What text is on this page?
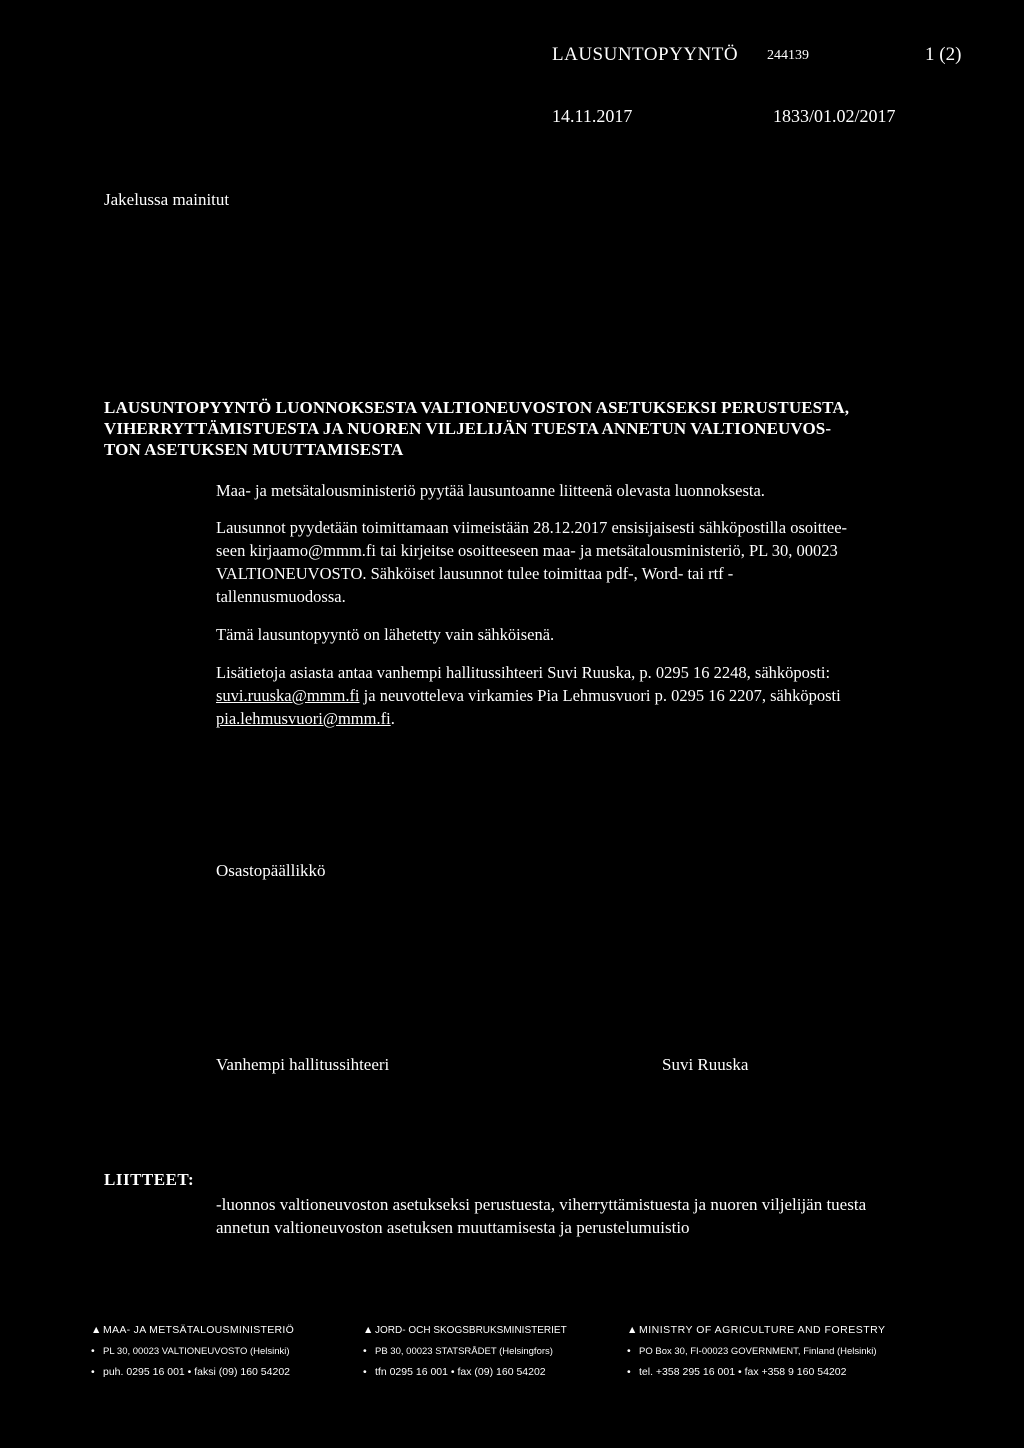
LAUSUNTOPYYNTÖ 244139	1 (2)
14.11.2017	1833/01.02/2017
Jakelussa mainitut
LAUSUNTOPYYNTÖ LUONNOKSESTA VALTIONEUVOSTON ASETUKSEKSI PERUSTUESTA,
VIHERRYTTÄMISTUESTA JA NUOREN VILJELIJÄN TUESTA ANNETUN VALTIONEUVOS-
TON ASETUKSEN MUUTTAMISESTA
Maa- ja metsätalousministeriö pyytää lausuntoanne liitteenä olevasta luonnoksesta.
Lausunnot pyydetään toimittamaan viimeistään 28.12.2017 ensisijaisesti sähköpostilla osoittee-
seen kirjaamo@mmm.fi tai kirjeitse osoitteeseen maa- ja metsätalousministeriö, PL 30, 00023
VALTIONEUVOSTO. Sähköiset lausunnot tulee toimittaa pdf-, Word- tai rtf -
tallennusmuodossa.
Tämä lausuntopyyntö on lähetetty vain sähköisenä.
Lisätietoja asiasta antaa vanhempi hallitussihteeri Suvi Ruuska, p. 0295 16 2248, sähköposti:
suvi.ruuska@mmm.fi ja neuvotteleva virkamies Pia Lehmusvuori p. 0295 16 2207, sähköposti
pia.lehmusvuori@mmm.fi.
Osastopäällikkö
Vanhempi hallitussihteeri	Suvi Ruuska
LIITTEET:
-luonnos valtioneuvoston asetukseksi perustuesta, viherryttämistuesta ja nuoren viljelijän tuesta
annetun valtioneuvoston asetuksen muuttamisesta ja perustelumuistio
▲ MAA- JA METSÄTALOUSMINISTERIÖ
• PL 30, 00023 VALTIONEUVOSTO (Helsinki)
• puh. 0295 16 001 • faksi (09) 160 54202
▲ JORD- OCH SKOGSBRUKSMINISTERIET
• PB 30, 00023 STATSRÅDET (Helsingfors)
• tfn 0295 16 001 • fax (09) 160 54202
▲ MINISTRY OF AGRICULTURE AND FORESTRY
• PO Box 30, FI-00023 GOVERNMENT, Finland (Helsinki)
• tel. +358 295 16 001 • fax +358 9 160 54202
